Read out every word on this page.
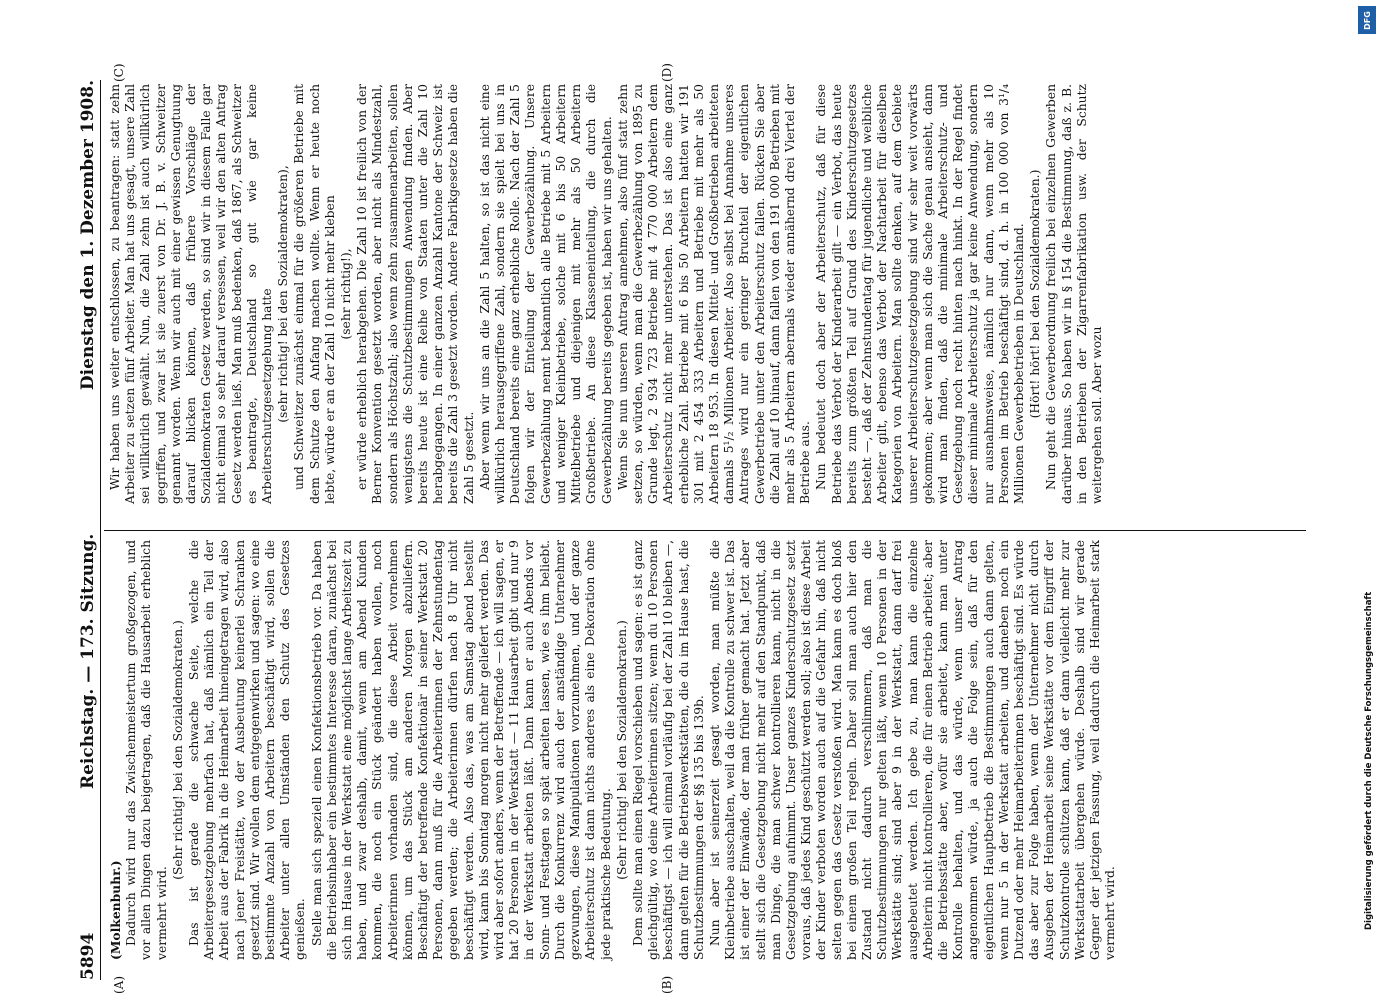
5894
Reichstag. — 173. Sitzung.
Dienstag den 1. Dezember 1908.
(A)	(B)
(C)	(D)

(Molkenbuhr.) Dadurch wird nur das Zwischenmeistertum großgezogen, und vor allen Dingen dazu beigetragen, daß die Hausarbeit erheblich vermehrt wird.

(Sehr richtig! bei den Sozialdemokraten.) Das ist gerade die schwache Seite, welche die Arbeitergesetzgebung mehrfach hat, daß nämlich ein Teil der Arbeit aus der Fabrik in die Heimarbeit hineingetragen wird, also nach jener Freistätte, wo der Ausbeutung keinerlei Schranken gesetzt sind. Wir wollen dem entgegenwirken und sagen: wo eine bestimmte Anzahl von Arbeitern beschäftigt wird, sollen die Arbeiter unter allen Umständen den Schutz des Gesetzes genießen. Stelle man sich speziell einen Konfektionsbetrieb vor. Da haben die Betriebsinhaber ein bestimmtes Interesse daran, zunächst bei sich im Hause in der Werkstatt eine möglichst lange Arbeitszeit zu haben, und zwar deshalb, damit, wenn am Abend Kunden kommen, die noch ein Stück geändert haben wollen, noch Arbeiterinnen vorhanden sind, die diese Arbeit vornehmen können, um das Stück am anderen Morgen abzuliefern. Beschäftigt der betreffende Konfektionär in seiner Werkstatt 20 Personen, dann muß für die Arbeiterinnen der Zehnstundentag gegeben werden; die Arbeiterinnen dürfen nach 8 Uhr nicht beschäftigt werden. Also das, was am Samstag abend bestellt wird, kann bis Sonntag morgen nicht mehr geliefert werden. Das wird aber sofort anders, wenn der Betreffende — ich will sagen, er hat 20 Personen in der Werkstatt — 11 Hausarbeit gibt und nur 9 in der Werkstatt arbeiten läßt. Dann kann er auch Abends vor Sonn- und Festtagen so spät arbeiten lassen, wie es ihm beliebt. Durch die Konkurrenz wird auch der anständige Unternehmer gezwungen, diese Manipulationen vorzunehmen, und der ganze Arbeiterschutz ist dann nichts anderes als eine Dekoration ohne jede praktische Bedeutung. (Sehr richtig! bei den Sozialdemokraten.) Dem sollte man einen Riegel vorschieben und sagen: es ist ganz gleichgültig, wo deine Arbeiterinnen sitzen; wenn du 10 Personen beschäftigst — ich will einmal vorläufig bei der Zahl 10 bleiben —, dann gelten für die Betriebswerkstätten, die du im Hause hast, die Schutzbestimmungen der §§ 135 bis 139b. Nun aber ist seinerzeit gesagt worden, man müßte die Kleinbetriebe ausschalten, weil da die Kontrolle zu schwer ist. Das ist einer der Einwände, der man früher gemacht hat. Jetzt aber stellt sich die Gesetzgebung nicht mehr auf den Standpunkt, daß man Dinge, die man schwer kontrollieren kann, nicht in die Gesetzgebung aufnimmt. Unser ganzes Kinderschutzgesetz setzt voraus, daß jedes Kind geschützt werden soll; also ist diese Arbeit der Kinder verboten worden auch auf die Gefahr hin, daß nicht selten gegen das Gesetz verstoßen wird. Man kann es doch bloß bei einem großen Teil regeln. Daher soll man auch hier den Zustand nicht dadurch verschlimmern, daß man die Schutzbestimmungen nur gelten läßt, wenn 10 Personen in der Werkstätte sind; sind aber 9 in der Werkstatt, dann darf frei ausgebeutet werden. Ich gebe zu, man kann die einzelne Arbeiterin nicht kontrollieren, die für einen Betrieb arbeitet; aber die Betriebsstätte aber, wofür sie arbeitet, kann man unter Kontrolle behalten, und das würde, wenn unser Antrag angenommen würde, ja auch die Folge sein, daß für den eigentlichen Hauptbetrieb die Bestimmungen auch dann gelten, wenn nur 5 in der Werkstatt arbeiten, und daneben noch ein Dutzend oder mehr Heimarbeiterinnen beschäftigt sind. Es würde das aber zur Folge haben, wenn der Unternehmer nicht durch Ausgeben der Heimarbeit seine Werkstätte vor dem Eingriff der Schutzkontrolle schützen kann, daß er dann vielleicht mehr zur Werkstattarbeit übergehen würde. Deshalb sind wir gerade Gegner der jetzigen Fassung, weil dadurch die Heimarbeit stark vermehrt wird.

Wir haben uns weiter entschlossen, zu beantragen: statt zehn Arbeiter zu setzen fünf Arbeiter. Man hat uns gesagt, unsere Zahl sei willkürlich gewählt. Nun, die Zahl zehn ist auch willkürlich gegriffen, und zwar ist sie zuerst von Dr. J. B. v. Schweitzer genannt worden. Wenn wir auch mit einer gewissen Genugtuung darauf blicken können, daß frühere Vorschläge der Sozialdemokraten Gesetz werden, so sind wir in diesem Falle gar nicht einmal so sehr darauf versessen, weil wir den alten Antrag Gesetz werden ließ. Man muß bedenken, daß 1867, als Schweitzer es beantragte, Deutschland so gut wie gar keine Arbeiterschutzgesetzgebung hatte (sehr richtig! bei den Sozialdemokraten), und Schweitzer zunächst einmal für die größeren Betriebe mit dem Schutze den Anfang machen wollte. Wenn er heute noch lebte, würde er an der Zahl 10 nicht mehr kleben (sehr richtig!), er würde erheblich herabgehen. Die Zahl 10 ist freilich von der Berner Konvention gesetzt worden, aber nicht als Mindestzahl, sondern als Höchstzahl; also wenn zehn zusammenarbeiten, sollen wenigstens die Schutzbestimmungen Anwendung finden. Aber bereits heute ist eine Reihe von Staaten unter die Zahl 10 herabgegangen. In einer ganzen Anzahl Kantone der Schweiz ist bereits die Zahl 3 gesetzt worden. Andere Fabrikgesetze haben die Zahl 5 gesetzt. Aber wenn wir uns an die Zahl 5 halten, so ist das nicht eine willkürlich herausgegriffene Zahl, sondern sie spielt bei uns in Deutschland bereits eine ganz erhebliche Rolle. Nach der Zahl 5 folgen wir der Einteilung der Gewerbezählung. Unsere Gewerbezählung nennt bekanntlich alle Betriebe mit 5 Arbeitern und weniger Kleinbetriebe, solche mit 6 bis 50 Arbeitern Mittelbetriebe und diejenigen mit mehr als 50 Arbeitern Großbetriebe. An diese Klasseneinteilung, die durch die Gewerbezählung bereits gegeben ist, haben wir uns gehalten. Wenn Sie nun unseren Antrag annehmen, also fünf statt zehn setzen, so würden, wenn man die Gewerbezählung von 1895 zu Grunde legt, 2 934 723 Betriebe mit 4 770 000 Arbeitern dem Arbeiterschutz nicht mehr unterstehen. Das ist also eine ganz erhebliche Zahl. Betriebe mit 6 bis 50 Arbeitern hatten wir 191 301 mit 2 454 333 Arbeitern und Betriebe mit mehr als 50 Arbeitern 18 953. In diesen Mittel- und Großbetrieben arbeiteten damals 5¹/₂ Millionen Arbeiter. Also selbst bei Annahme unseres Antrages wird nur ein geringer Bruchteil der eigentlichen Gewerbetriebe unter den Arbeiterschutz fallen. Rücken Sie aber die Zahl auf 10 hinauf, dann fallen von den 191 000 Betrieben mit mehr als 5 Arbeitern abermals wieder annähernd drei Viertel der Betriebe aus. Nun bedeutet doch aber der Arbeiterschutz, daß für diese Betriebe das Verbot der Kinderarbeit gilt — ein Verbot, das heute bereits zum größten Teil auf Grund des Kinderschutzgesetzes besteht —, daß der Zehnstundentag für jugendliche und weibliche Arbeiter gilt, ebenso das Verbot der Nachtarbeit für dieselben Kategorien von Arbeitern. Man sollte denken, auf dem Gebiete unserer Arbeiterschutzgesetzgebung sind wir sehr weit vorwärts gekommen; aber wenn man sich die Sache genau ansieht, dann wird man finden, daß die minimale Arbeiterschutz- und Gesetzgebung noch recht hinten nach hinkt. In der Regel findet dieser minimale Arbeiterschutz ja gar keine Anwendung, sondern nur ausnahmsweise, nämlich nur dann, wenn mehr als 10 Personen im Betrieb beschäftigt sind, d. h. in 100 000 von 3¹/₄ Millionen Gewerbebetrieben in Deutschland. (Hört! hört! bei den Sozialdemokraten.) Nun geht die Gewerbeordnung freilich bei einzelnen Gewerben darüber hinaus. So haben wir in § 154 die Bestimmung, daß z. B. in den Betrieben der Zigarrenfabrikation usw. der Schutz weitergehen soll. Aber wozu

DFG
Digitalisierung gefördert durch die Deutsche Forschungsgemeinschaft
